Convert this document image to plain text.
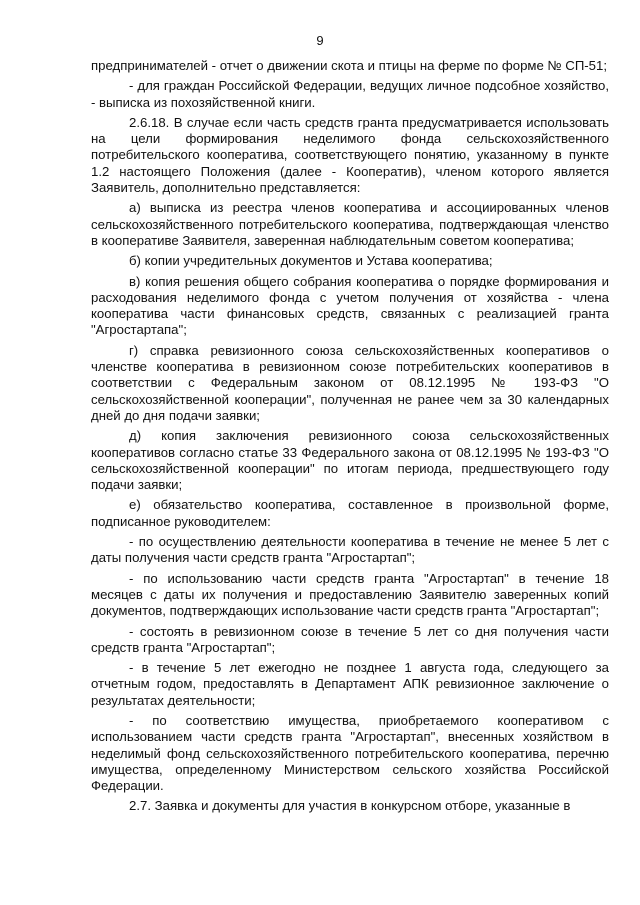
9

предпринимателей - отчет о движении скота и птицы на ферме по форме № СП-51;

- для граждан Российской Федерации, ведущих личное подсобное хозяйство, - выписка из похозяйственной книги.

2.6.18. В случае если часть средств гранта предусматривается использовать на цели формирования неделимого фонда сельскохозяйственного потребительского кооператива, соответствующего понятию, указанному в пункте 1.2 настоящего Положения (далее - Кооператив), членом которого является Заявитель, дополнительно представляется:

а) выписка из реестра членов кооператива и ассоциированных членов сельскохозяйственного потребительского кооператива, подтверждающая членство в кооперативе Заявителя, заверенная наблюдательным советом кооператива;

б) копии учредительных документов и Устава кооператива;

в) копия решения общего собрания кооператива о порядке формирования и расходования неделимого фонда с учетом получения от хозяйства - члена кооператива части финансовых средств, связанных с реализацией гранта "Агростартапа";

г) справка ревизионного союза сельскохозяйственных кооперативов о членстве кооператива в ревизионном союзе потребительских кооперативов в соответствии с Федеральным законом от 08.12.1995 № 193-ФЗ "О сельскохозяйственной кооперации", полученная не ранее чем за 30 календарных дней до дня подачи заявки;

д) копия заключения ревизионного союза сельскохозяйственных кооперативов согласно статье 33 Федерального закона от 08.12.1995 № 193-ФЗ "О сельскохозяйственной кооперации" по итогам периода, предшествующего году подачи заявки;

е) обязательство кооператива, составленное в произвольной форме, подписанное руководителем:

- по осуществлению деятельности кооператива в течение не менее 5 лет с даты получения части средств гранта "Агростартап";

- по использованию части средств гранта "Агростартап" в течение 18 месяцев с даты их получения и предоставлению Заявителю заверенных копий документов, подтверждающих использование части средств гранта "Агростартап";

- состоять в ревизионном союзе в течение 5 лет со дня получения части средств гранта "Агростартап";

- в течение 5 лет ежегодно не позднее 1 августа года, следующего за отчетным годом, предоставлять в Департамент АПК ревизионное заключение о результатах деятельности;

- по соответствию имущества, приобретаемого кооперативом с использованием части средств гранта "Агростартап", внесенных хозяйством в неделимый фонд сельскохозяйственного потребительского кооператива, перечню имущества, определенному Министерством сельского хозяйства Российской Федерации.

2.7. Заявка и документы для участия в конкурсном отборе, указанные в
